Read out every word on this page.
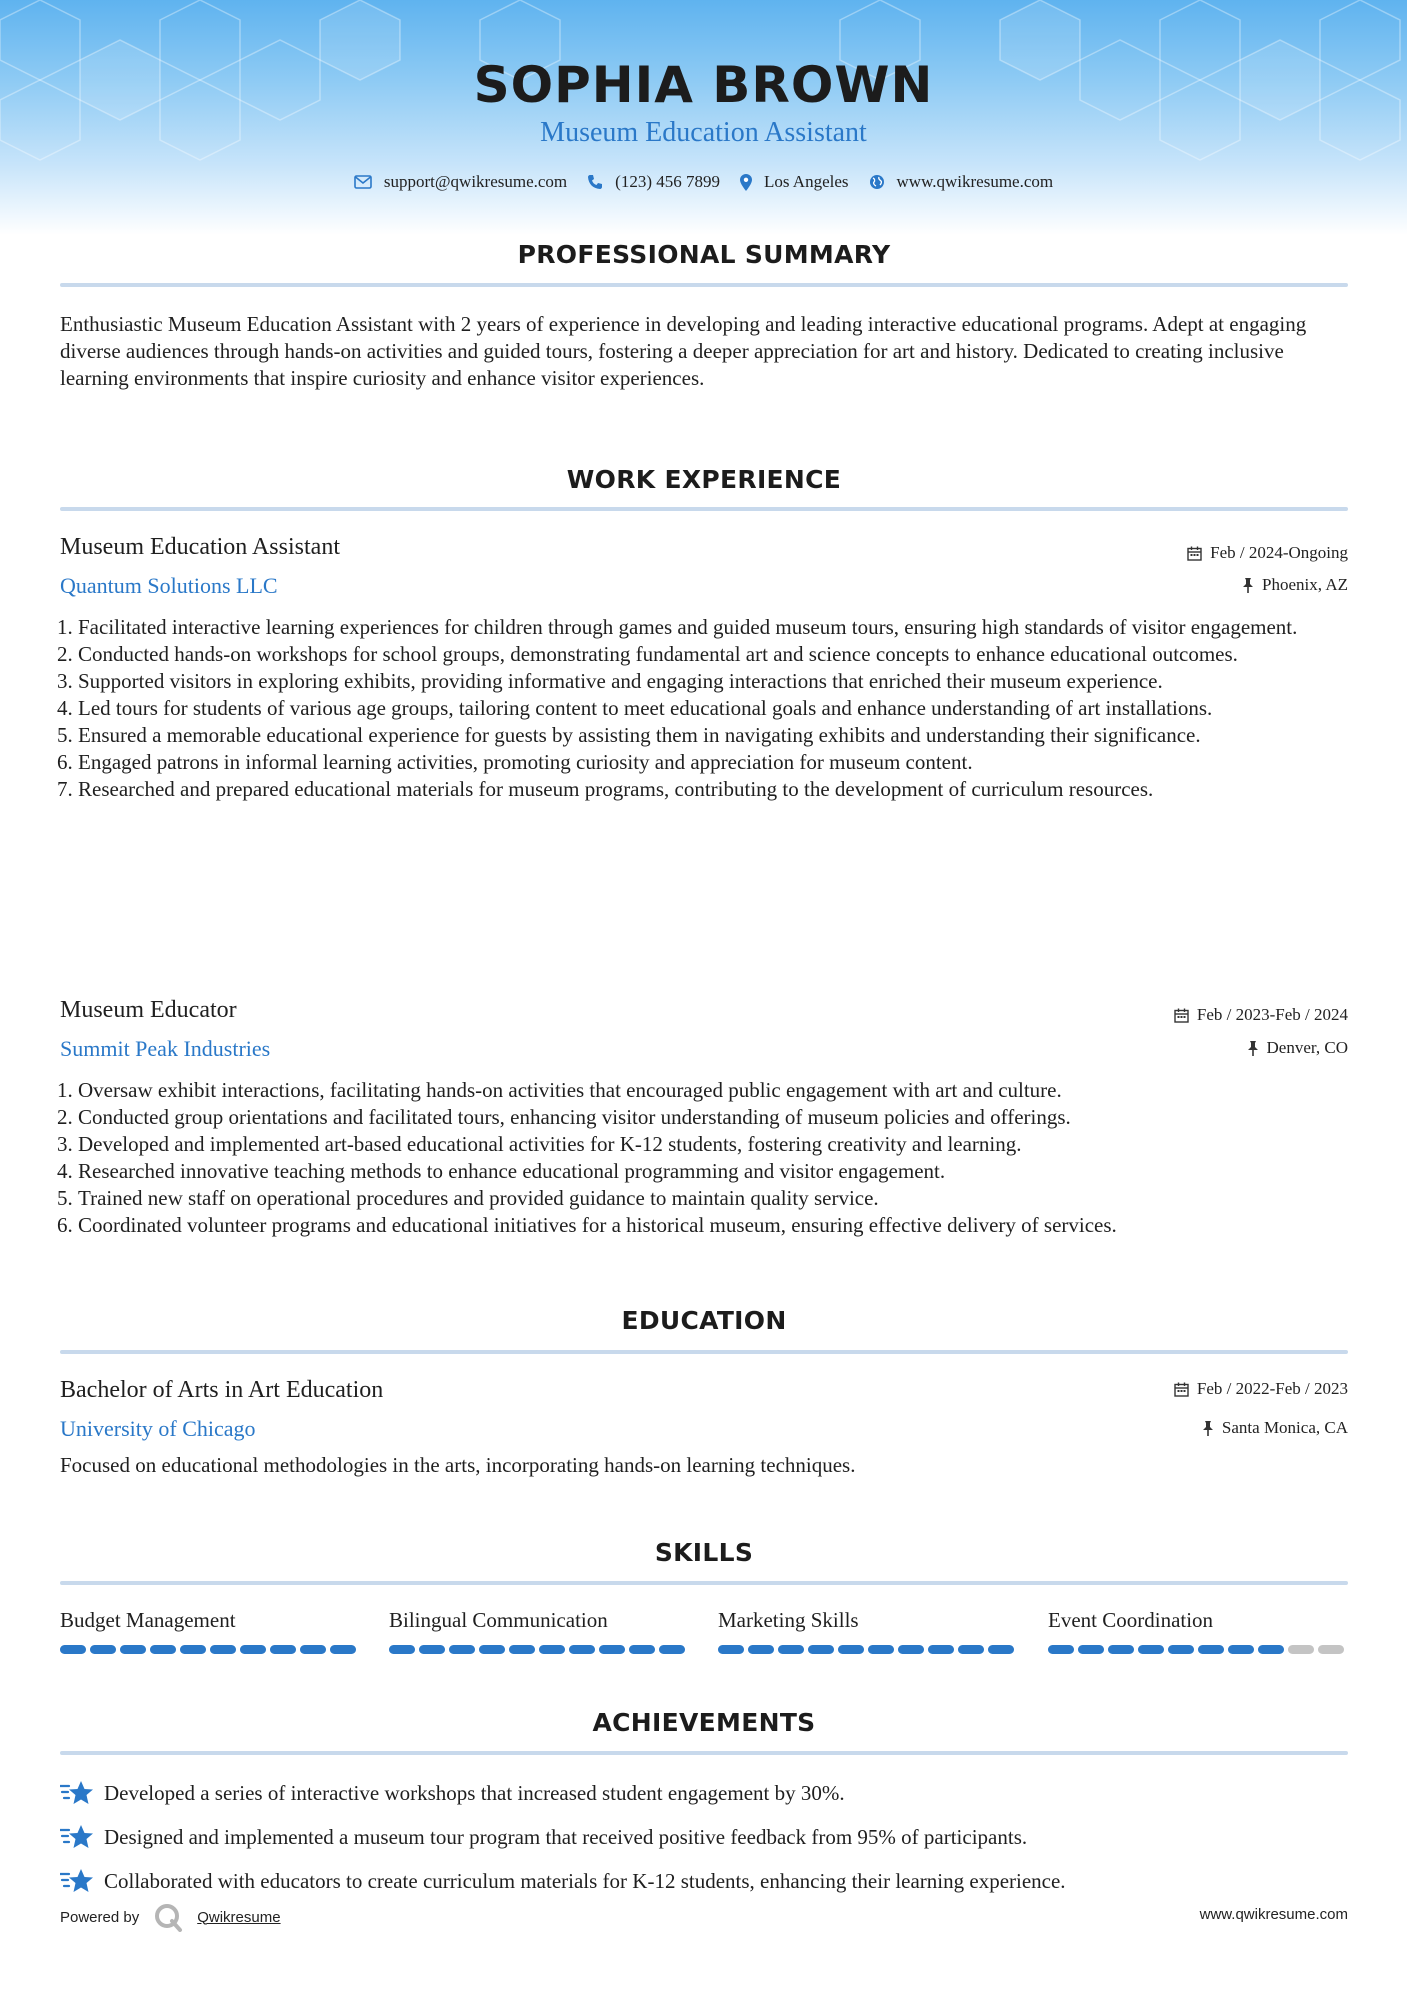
SOPHIA BROWN
Museum Education Assistant
support@qwikresume.com	(123) 456 7899	Los Angeles	www.qwikresume.com
PROFESSIONAL SUMMARY
Enthusiastic Museum Education Assistant with 2 years of experience in developing and leading interactive educational programs. Adept at engaging diverse audiences through hands-on activities and guided tours, fostering a deeper appreciation for art and history. Dedicated to creating inclusive learning environments that inspire curiosity and enhance visitor experiences.
WORK EXPERIENCE
Museum Education Assistant
Quantum Solutions LLC
Feb / 2024-Ongoing
Phoenix, AZ
1. Facilitated interactive learning experiences for children through games and guided museum tours, ensuring high standards of visitor engagement.
2. Conducted hands-on workshops for school groups, demonstrating fundamental art and science concepts to enhance educational outcomes.
3. Supported visitors in exploring exhibits, providing informative and engaging interactions that enriched their museum experience.
4. Led tours for students of various age groups, tailoring content to meet educational goals and enhance understanding of art installations.
5. Ensured a memorable educational experience for guests by assisting them in navigating exhibits and understanding their significance.
6. Engaged patrons in informal learning activities, promoting curiosity and appreciation for museum content.
7. Researched and prepared educational materials for museum programs, contributing to the development of curriculum resources.
Museum Educator
Summit Peak Industries
Feb / 2023-Feb / 2024
Denver, CO
1. Oversaw exhibit interactions, facilitating hands-on activities that encouraged public engagement with art and culture.
2. Conducted group orientations and facilitated tours, enhancing visitor understanding of museum policies and offerings.
3. Developed and implemented art-based educational activities for K-12 students, fostering creativity and learning.
4. Researched innovative teaching methods to enhance educational programming and visitor engagement.
5. Trained new staff on operational procedures and provided guidance to maintain quality service.
6. Coordinated volunteer programs and educational initiatives for a historical museum, ensuring effective delivery of services.
EDUCATION
Bachelor of Arts in Art Education
University of Chicago
Feb / 2022-Feb / 2023
Santa Monica, CA
Focused on educational methodologies in the arts, incorporating hands-on learning techniques.
SKILLS
Budget Management	Bilingual Communication	Marketing Skills	Event Coordination
ACHIEVEMENTS
Developed a series of interactive workshops that increased student engagement by 30%.
Designed and implemented a museum tour program that received positive feedback from 95% of participants.
Collaborated with educators to create curriculum materials for K-12 students, enhancing their learning experience.
Powered by	Qwikresume	www.qwikresume.com
